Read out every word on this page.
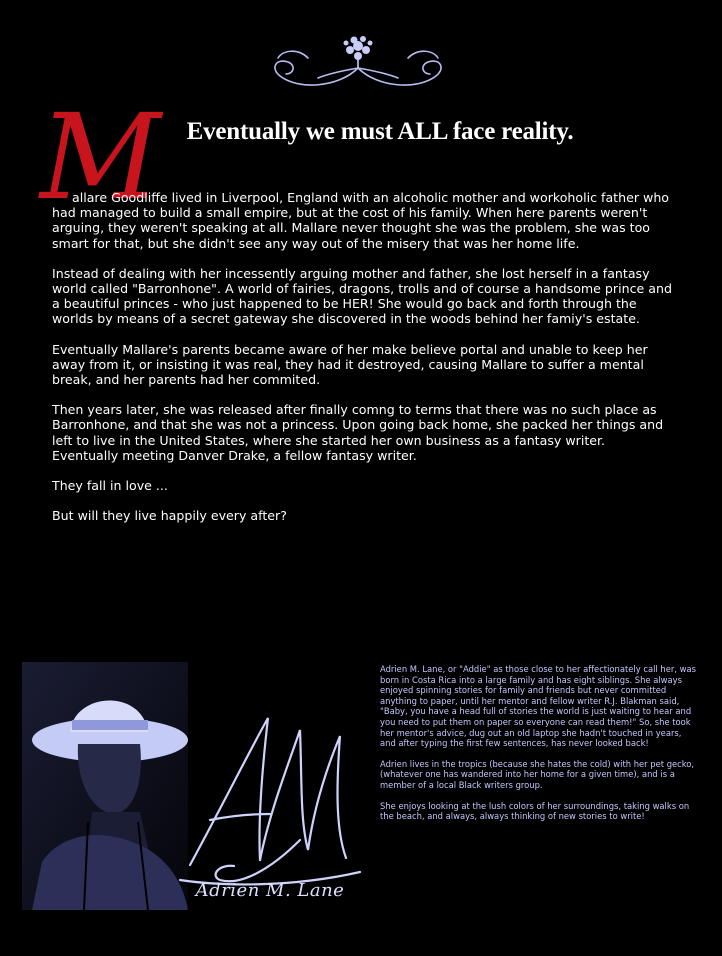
M Eventually we must ALL face reality.

allare Goodliffe lived in Liverpool, England with an alcoholic mother and workoholic father who had managed to build a small empire, but at the cost of his family. When here parents weren't arguing, they weren't speaking at all. Mallare never thought she was the problem, she was too smart for that, but she didn't see any way out of the misery that was her home life.

Instead of dealing with her incessently arguing mother and father, she lost herself in a fantasy world called "Barronhone". A world of fairies, dragons, trolls and of course a handsome prince and a beautiful princes - who just happened to be HER! She would go back and forth through the worlds by means of a secret gateway she discovered in the woods behind her famiy's estate.

Eventually Mallare's parents became aware of her make believe portal and unable to keep her away from it, or insisting it was real, they had it destroyed, causing Mallare to suffer a mental break, and her parents had her commited.

Then years later, she was released after finally comng to terms that there was no such place as Barronhone, and that she was not a princess. Upon going back home, she packed her things and left to live in the United States, where she started her own business as a fantasy writer. Eventually meeting Danver Drake, a fellow fantasy writer.

They fall in love ...

But will they live happily every after?

Adrien M. Lane

Adrien M. Lane, or "Addie" as those close to her affectionately call her, was born in Costa Rica into a large family and has eight siblings. She always enjoyed spinning stories for family and friends but never committed anything to paper, until her mentor and fellow writer R.J. Blakman said, "Baby, you have a head full of stories the world is just waiting to hear and you need to put them on paper so everyone can read them!" So, she took her mentor's advice, dug out an old laptop she hadn't touched in years, and after typing the first few sentences, has never looked back!

Adrien lives in the tropics (because she hates the cold) with her pet gecko, (whatever one has wandered into her home for a given time), and is a member of a local Black writers group.

She enjoys looking at the lush colors of her surroundings, taking walks on the beach, and always, always thinking of new stories to write!
